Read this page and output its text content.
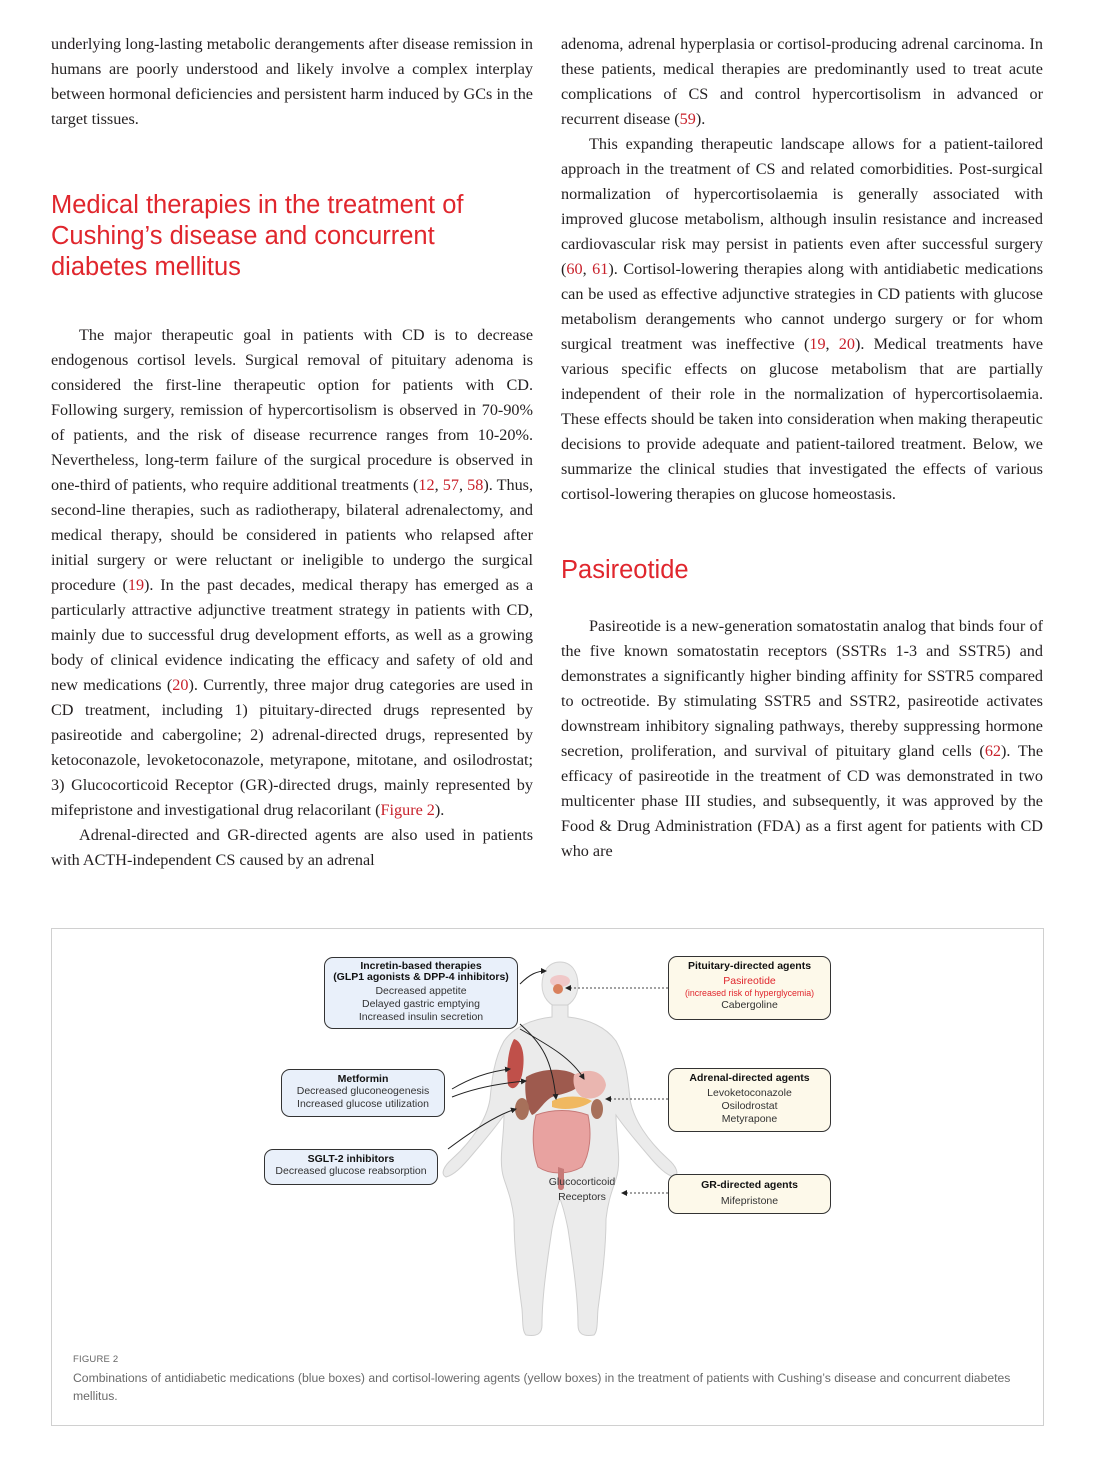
underlying long-lasting metabolic derangements after disease remission in humans are poorly understood and likely involve a complex interplay between hormonal deficiencies and persistent harm induced by GCs in the target tissues.

Medical therapies in the treatment of Cushing’s disease and concurrent diabetes mellitus

The major therapeutic goal in patients with CD is to decrease endogenous cortisol levels. Surgical removal of pituitary adenoma is considered the first-line therapeutic option for patients with CD. Following surgery, remission of hypercortisolism is observed in 70-90% of patients, and the risk of disease recurrence ranges from 10-20%. Nevertheless, long-term failure of the surgical procedure is observed in one-third of patients, who require additional treatments (12, 57, 58). Thus, second-line therapies, such as radiotherapy, bilateral adrenalectomy, and medical therapy, should be considered in patients who relapsed after initial surgery or were reluctant or ineligible to undergo the surgical procedure (19). In the past decades, medical therapy has emerged as a particularly attractive adjunctive treatment strategy in patients with CD, mainly due to successful drug development efforts, as well as a growing body of clinical evidence indicating the efficacy and safety of old and new medications (20). Currently, three major drug categories are used in CD treatment, including 1) pituitary-directed drugs represented by pasireotide and cabergoline; 2) adrenal-directed drugs, represented by ketoconazole, levoketoconazole, metyrapone, mitotane, and osilodrostat; 3) Glucocorticoid Receptor (GR)-directed drugs, mainly represented by mifepristone and investigational drug relacorilant (Figure 2).

Adrenal-directed and GR-directed agents are also used in patients with ACTH-independent CS caused by an adrenal

adenoma, adrenal hyperplasia or cortisol-producing adrenal carcinoma. In these patients, medical therapies are predominantly used to treat acute complications of CS and control hypercortisolism in advanced or recurrent disease (59).

This expanding therapeutic landscape allows for a patient-tailored approach in the treatment of CS and related comorbidities. Post-surgical normalization of hypercortisolaemia is generally associated with improved glucose metabolism, although insulin resistance and increased cardiovascular risk may persist in patients even after successful surgery (60, 61). Cortisol-lowering therapies along with antidiabetic medications can be used as effective adjunctive strategies in CD patients with glucose metabolism derangements who cannot undergo surgery or for whom surgical treatment was ineffective (19, 20). Medical treatments have various specific effects on glucose metabolism that are partially independent of their role in the normalization of hypercortisolaemia. These effects should be taken into consideration when making therapeutic decisions to provide adequate and patient-tailored treatment. Below, we summarize the clinical studies that investigated the effects of various cortisol-lowering therapies on glucose homeostasis.

Pasireotide

Pasireotide is a new-generation somatostatin analog that binds four of the five known somatostatin receptors (SSTRs 1-3 and SSTR5) and demonstrates a significantly higher binding affinity for SSTR5 compared to octreotide. By stimulating SSTR5 and SSTR2, pasireotide activates downstream inhibitory signaling pathways, thereby suppressing hormone secretion, proliferation, and survival of pituitary gland cells (62). The efficacy of pasireotide in the treatment of CD was demonstrated in two multicenter phase III studies, and subsequently, it was approved by the Food & Drug Administration (FDA) as a first agent for patients with CD who are

Incretin-based therapies
(GLP1 agonists & DPP-4 inhibitors)
Decreased appetite
Delayed gastric emptying
Increased insulin secretion
Metformin
Decreased gluconeogenesis
Increased glucose utilization
SGLT-2 inhibitors
Decreased glucose reabsorption
Pituitary-directed agents
Pasireotide
(increased risk of hyperglycemia)
Cabergoline
Adrenal-directed agents
Levoketoconazole
Osilodrostat
Metyrapone
GR-directed agents
Mifepristone
Glucocorticoid
Receptors
FIGURE 2
Combinations of antidiabetic medications (blue boxes) and cortisol-lowering agents (yellow boxes) in the treatment of patients with Cushing’s disease and concurrent diabetes mellitus.
